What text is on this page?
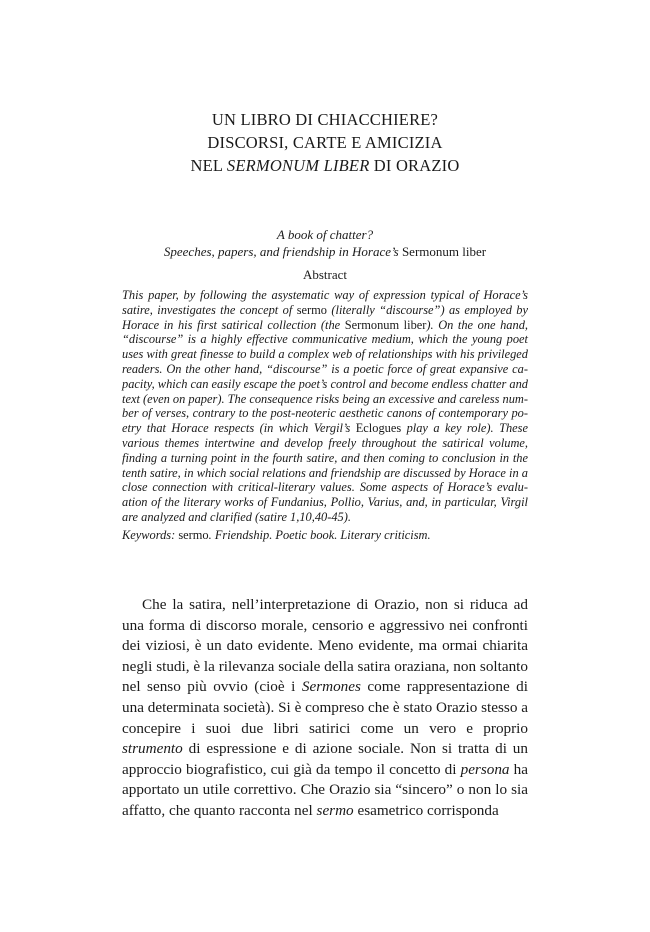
UN LIBRO DI CHIACCHIERE?
DISCORSI, CARTE E AMICIZIA
NEL SERMONUM LIBER DI ORAZIO
A book of chatter?
Speeches, papers, and friendship in Horace’s Sermonum liber
Abstract
This paper, by following the asystematic way of expression typical of Horace’s satire, investigates the concept of sermo (literally “discourse”) as employed by Horace in his first satirical collection (the Sermonum liber). On the one hand, “discourse” is a highly effective communicative medium, which the young poet uses with great finesse to build a complex web of relationships with his privileged readers. On the other hand, “discourse” is a poetic force of great expansive capacity, which can easily escape the poet’s control and become endless chatter and text (even on paper). The consequence risks being an excessive and careless number of verses, contrary to the post-neoteric aesthetic canons of contemporary poetry that Horace respects (in which Vergil’s Eclogues play a key role). These various themes intertwine and develop freely throughout the satirical volume, finding a turning point in the fourth satire, and then coming to conclusion in the tenth satire, in which social relations and friendship are discussed by Horace in a close connection with critical-literary values. Some aspects of Horace’s evaluation of the literary works of Fundanius, Pollio, Varius, and, in particular, Virgil are analyzed and clarified (satire 1,10,40-45).
Keywords: sermo. Friendship. Poetic book. Literary criticism.

Che la satira, nell’interpretazione di Orazio, non si riduca ad una forma di discorso morale, censorio e aggressivo nei confronti dei viziosi, è un dato evidente. Meno evidente, ma ormai chiarita negli studi, è la rilevanza sociale della satira oraziana, non soltanto nel senso più ovvio (cioè i Sermones come rappresentazione di una determinata società). Si è compreso che è stato Orazio stesso a concepire i suoi due libri satirici come un vero e proprio strumento di espressione e di azione sociale. Non si tratta di un approccio biografistico, cui già da tempo il concetto di persona ha apportato un utile correttivo. Che Orazio sia “sincero” o non lo sia affatto, che quanto racconta nel sermo esametrico corrisponda
